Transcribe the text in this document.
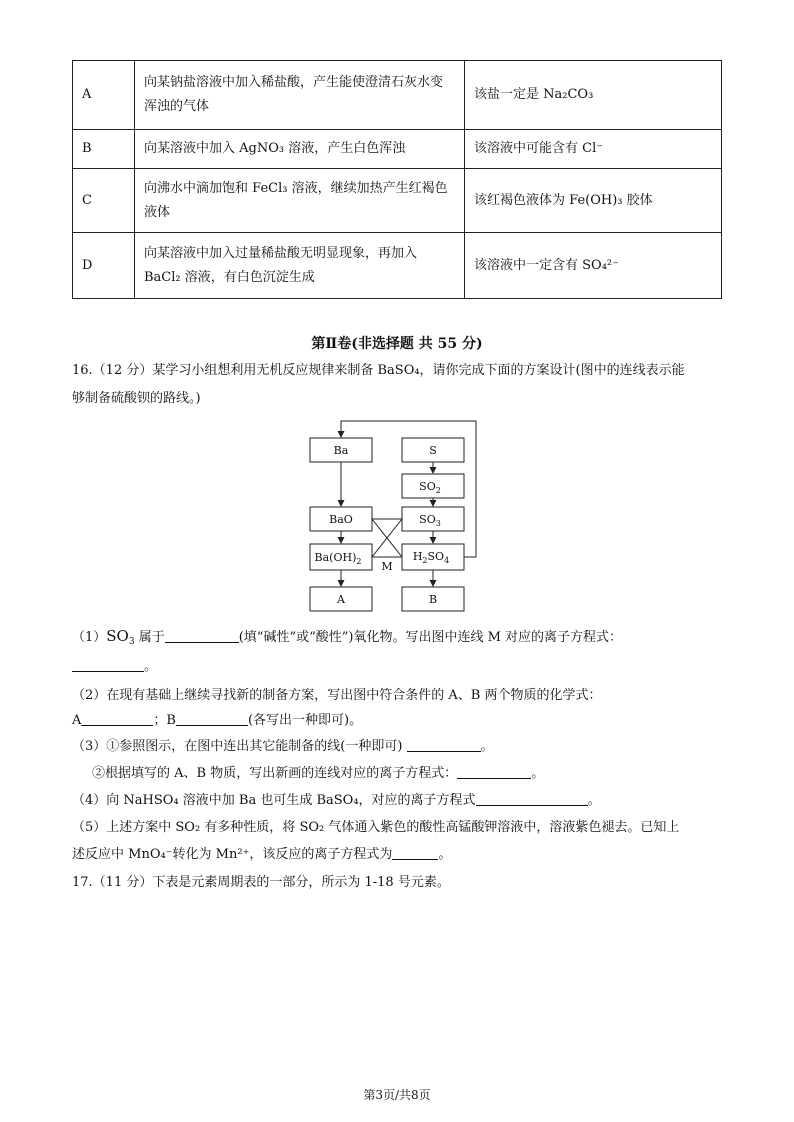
A	向某钠盐溶液中加入稀盐酸，产生能使澄清石灰水变浑浊的气体	该盐一定是 Na₂CO₃
B	向某溶液中加入 AgNO₃ 溶液，产生白色浑浊	该溶液中可能含有 Cl⁻
C	向沸水中滴加饱和 FeCl₃ 溶液，继续加热产生红褐色液体	该红褐色液体为 Fe(OH)₃ 胶体
D	向某溶液中加入过量稀盐酸无明显现象，再加入 BaCl₂ 溶液，有白色沉淀生成	该溶液中一定含有 SO₄²⁻
第Ⅱ卷(非选择题 共 55 分)
16.（12 分）某学习小组想利用无机反应规律来制备 BaSO₄，请你完成下面的方案设计(图中的连线表示能
够制备硫酸钡的路线。)
Ba
BaO
$Ba(OH)_2$
A
S
$SO_2$
$SO_3$
$H_2SO_4$
M
B
$(1)SO_3$ 属于	(填“碱性”或“酸性”)氧化物。写出图中连线 M 对应的离子方程式：
。
（2）在现有基础上继续寻找新的制备方案，写出图中符合条件的 A、B 两个物质的化学式：
A	；B	(各写出一种即可)。
（3）①参照图示，在图中连出其它能制备的线(一种即可)	。
②根据填写的 A、B 物质，写出新画的连线对应的离子方程式：	。
（4）向 NaHSO₄ 溶液中加 Ba 也可生成 BaSO₄，对应的离子方程式	。
（5）上述方案中 SO₂ 有多种性质，将 SO₂ 气体通入紫色的酸性高锰酸钾溶液中，溶液紫色褪去。已知上
述反应中 MnO₄⁻转化为 Mn²⁺，该反应的离子方程式为	。
17.（11 分）下表是元素周期表的一部分，所示为 1-18 号元素。
第3页/共8页
